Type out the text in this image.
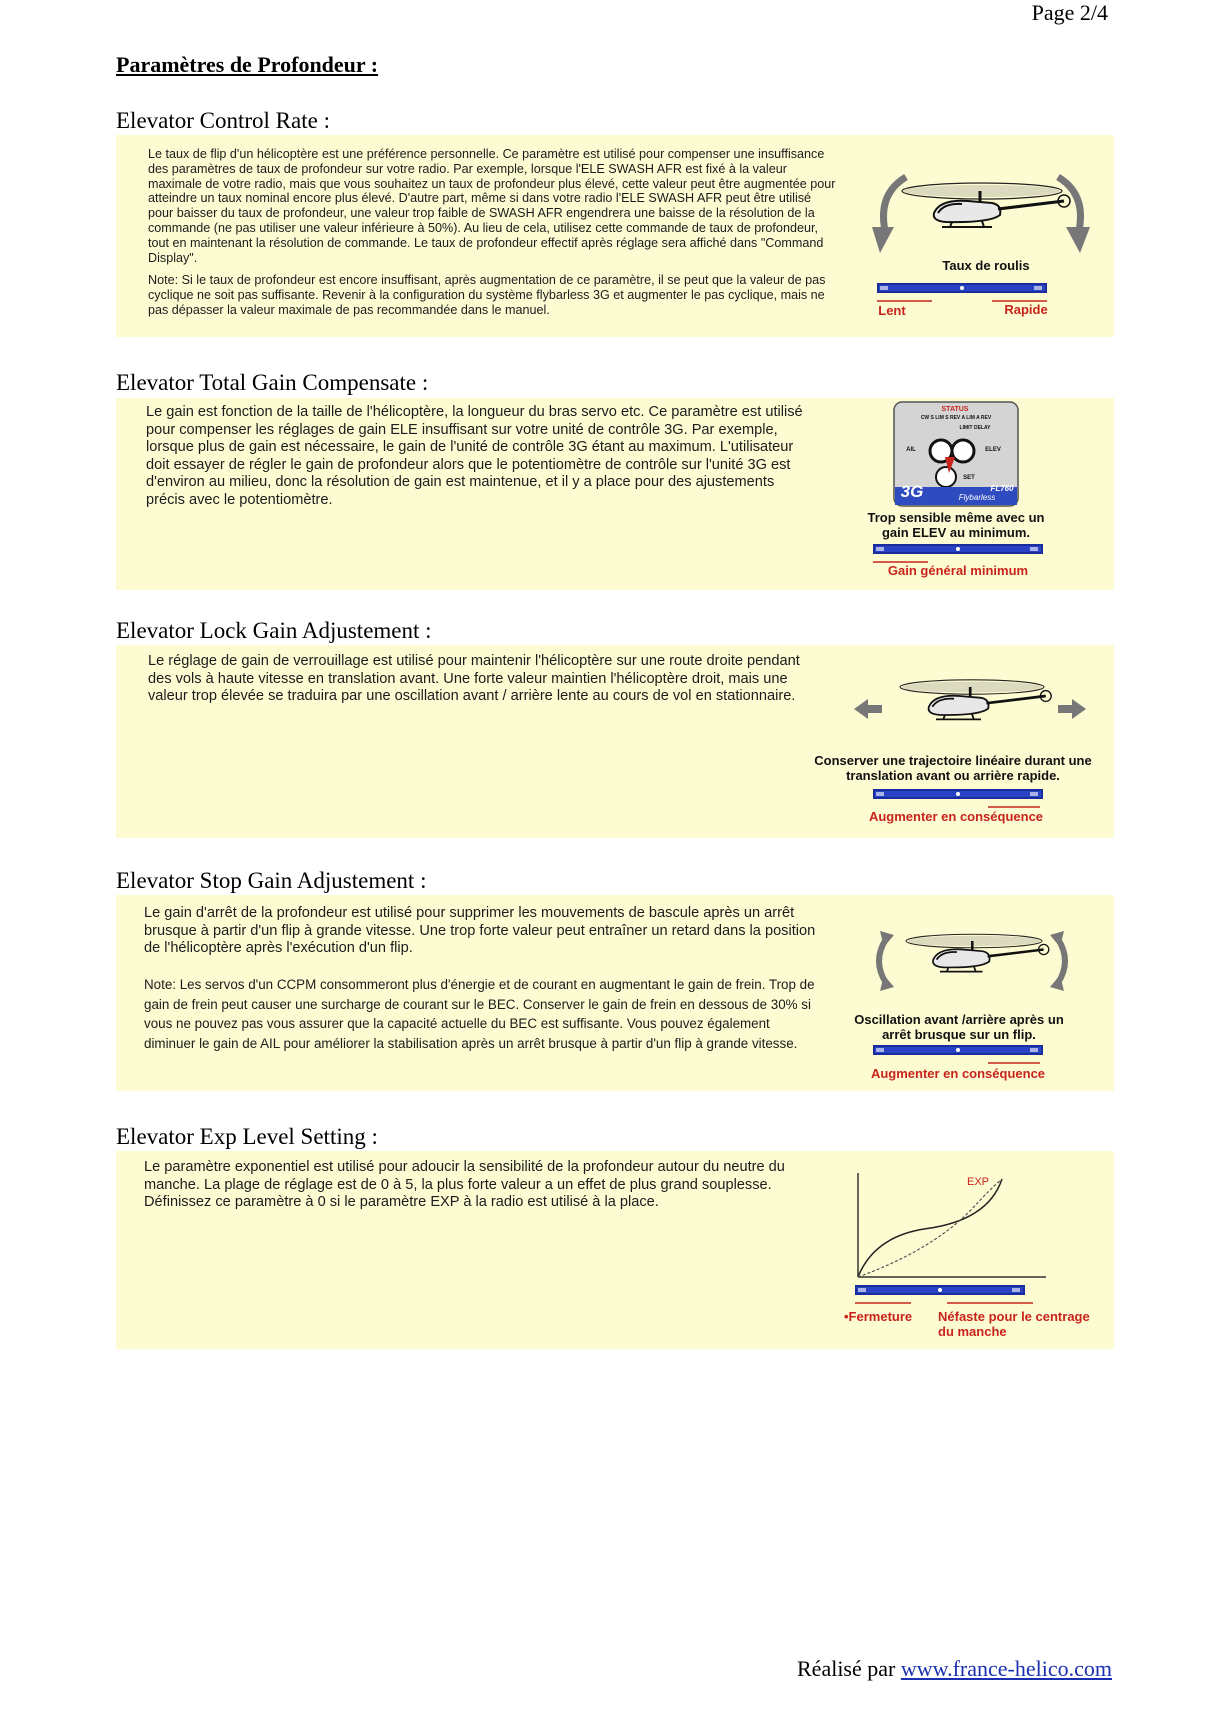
Page 2/4
Paramètres de Profondeur :
Elevator Control Rate :
Le taux de flip d'un hélicoptère est une préférence personnelle. Ce paramètre est utilisé pour compenser une insuffisance des paramètres de taux de profondeur sur votre radio. Par exemple, lorsque l'ELE SWASH AFR est fixé à la valeur maximale de votre radio, mais que vous souhaitez un taux de profondeur plus élevé, cette valeur peut être augmentée pour atteindre un taux nominal encore plus élevé. D'autre part, même si dans votre radio l'ELE SWASH AFR peut être utilisé pour baisser du taux de profondeur, une valeur trop faible de SWASH AFR engendrera une baisse de la résolution de la commande (ne pas utiliser une valeur inférieure à 50%). Au lieu de cela, utilisez cette commande de taux de profondeur, tout en maintenant la résolution de commande. Le taux de profondeur effectif après réglage sera affiché dans "Command Display".
Note: Si le taux de profondeur est encore insuffisant, après augmentation de ce paramètre, il se peut que la valeur de pas cyclique ne soit pas suffisante. Revenir à la configuration du système flybarless 3G et augmenter le pas cyclique, mais ne pas dépasser la valeur maximale de pas recommandée dans le manuel.
Taux de roulis
Lent	Rapide
Elevator Total Gain Compensate :
Le gain est fonction de la taille de l'hélicoptère, la longueur du bras servo etc. Ce paramètre est utilisé pour compenser les réglages de gain ELE insuffisant sur votre unité de contrôle 3G. Par exemple, lorsque plus de gain est nécessaire, le gain de l'unité de contrôle 3G étant au maximum. L'utilisateur doit essayer de régler le gain de profondeur alors que le potentiomètre de contrôle sur l'unité 3G est d'environ au milieu, donc la résolution de gain est maintenue, et il y a place pour des ajustements précis avec le potentiomètre.
STATUS
CW S LIM S REV A LIM A REV
LIMIT DELAY
AIL	ELEV
SET
FL760
3G	Flybarless
Trop sensible même avec un gain ELEV au minimum.
Gain général minimum
Elevator Lock Gain Adjustement :
Le réglage de gain de verrouillage est utilisé pour maintenir l'hélicoptère sur une route droite pendant des vols à haute vitesse en translation avant. Une forte valeur maintien l'hélicoptère droit, mais une valeur trop élevée se traduira par une oscillation avant / arrière lente au cours de vol en stationnaire.
Conserver une trajectoire linéaire durant une translation avant ou arrière rapide.
Augmenter en conséquence
Elevator Stop Gain Adjustement :
Le gain d'arrêt de la profondeur est utilisé pour supprimer les mouvements de bascule après un arrêt brusque à partir d'un flip à grande vitesse. Une trop forte valeur peut entraîner un retard dans la position de l'hélicoptère après l'exécution d'un flip.
Note: Les servos d'un CCPM consommeront plus d'énergie et de courant en augmentant le gain de frein. Trop de gain de frein peut causer une surcharge de courant sur le BEC. Conserver le gain de frein en dessous de 30% si vous ne pouvez pas vous assurer que la capacité actuelle du BEC est suffisante. Vous pouvez également diminuer le gain de AIL pour améliorer la stabilisation après un arrêt brusque à partir d'un flip à grande vitesse.
Oscillation avant /arrière après un arrêt brusque sur un flip.
Augmenter en conséquence
Elevator Exp Level Setting :
Le paramètre exponentiel est utilisé pour adoucir la sensibilité de la profondeur autour du neutre du manche. La plage de réglage est de 0 à 5, la plus forte valeur a un effet de plus grand souplesse. Définissez ce paramètre à 0 si le paramètre EXP à la radio est utilisé à la place.
EXP
•Fermeture	Néfaste pour le centrage du manche
Réalisé par www.france-helico.com
